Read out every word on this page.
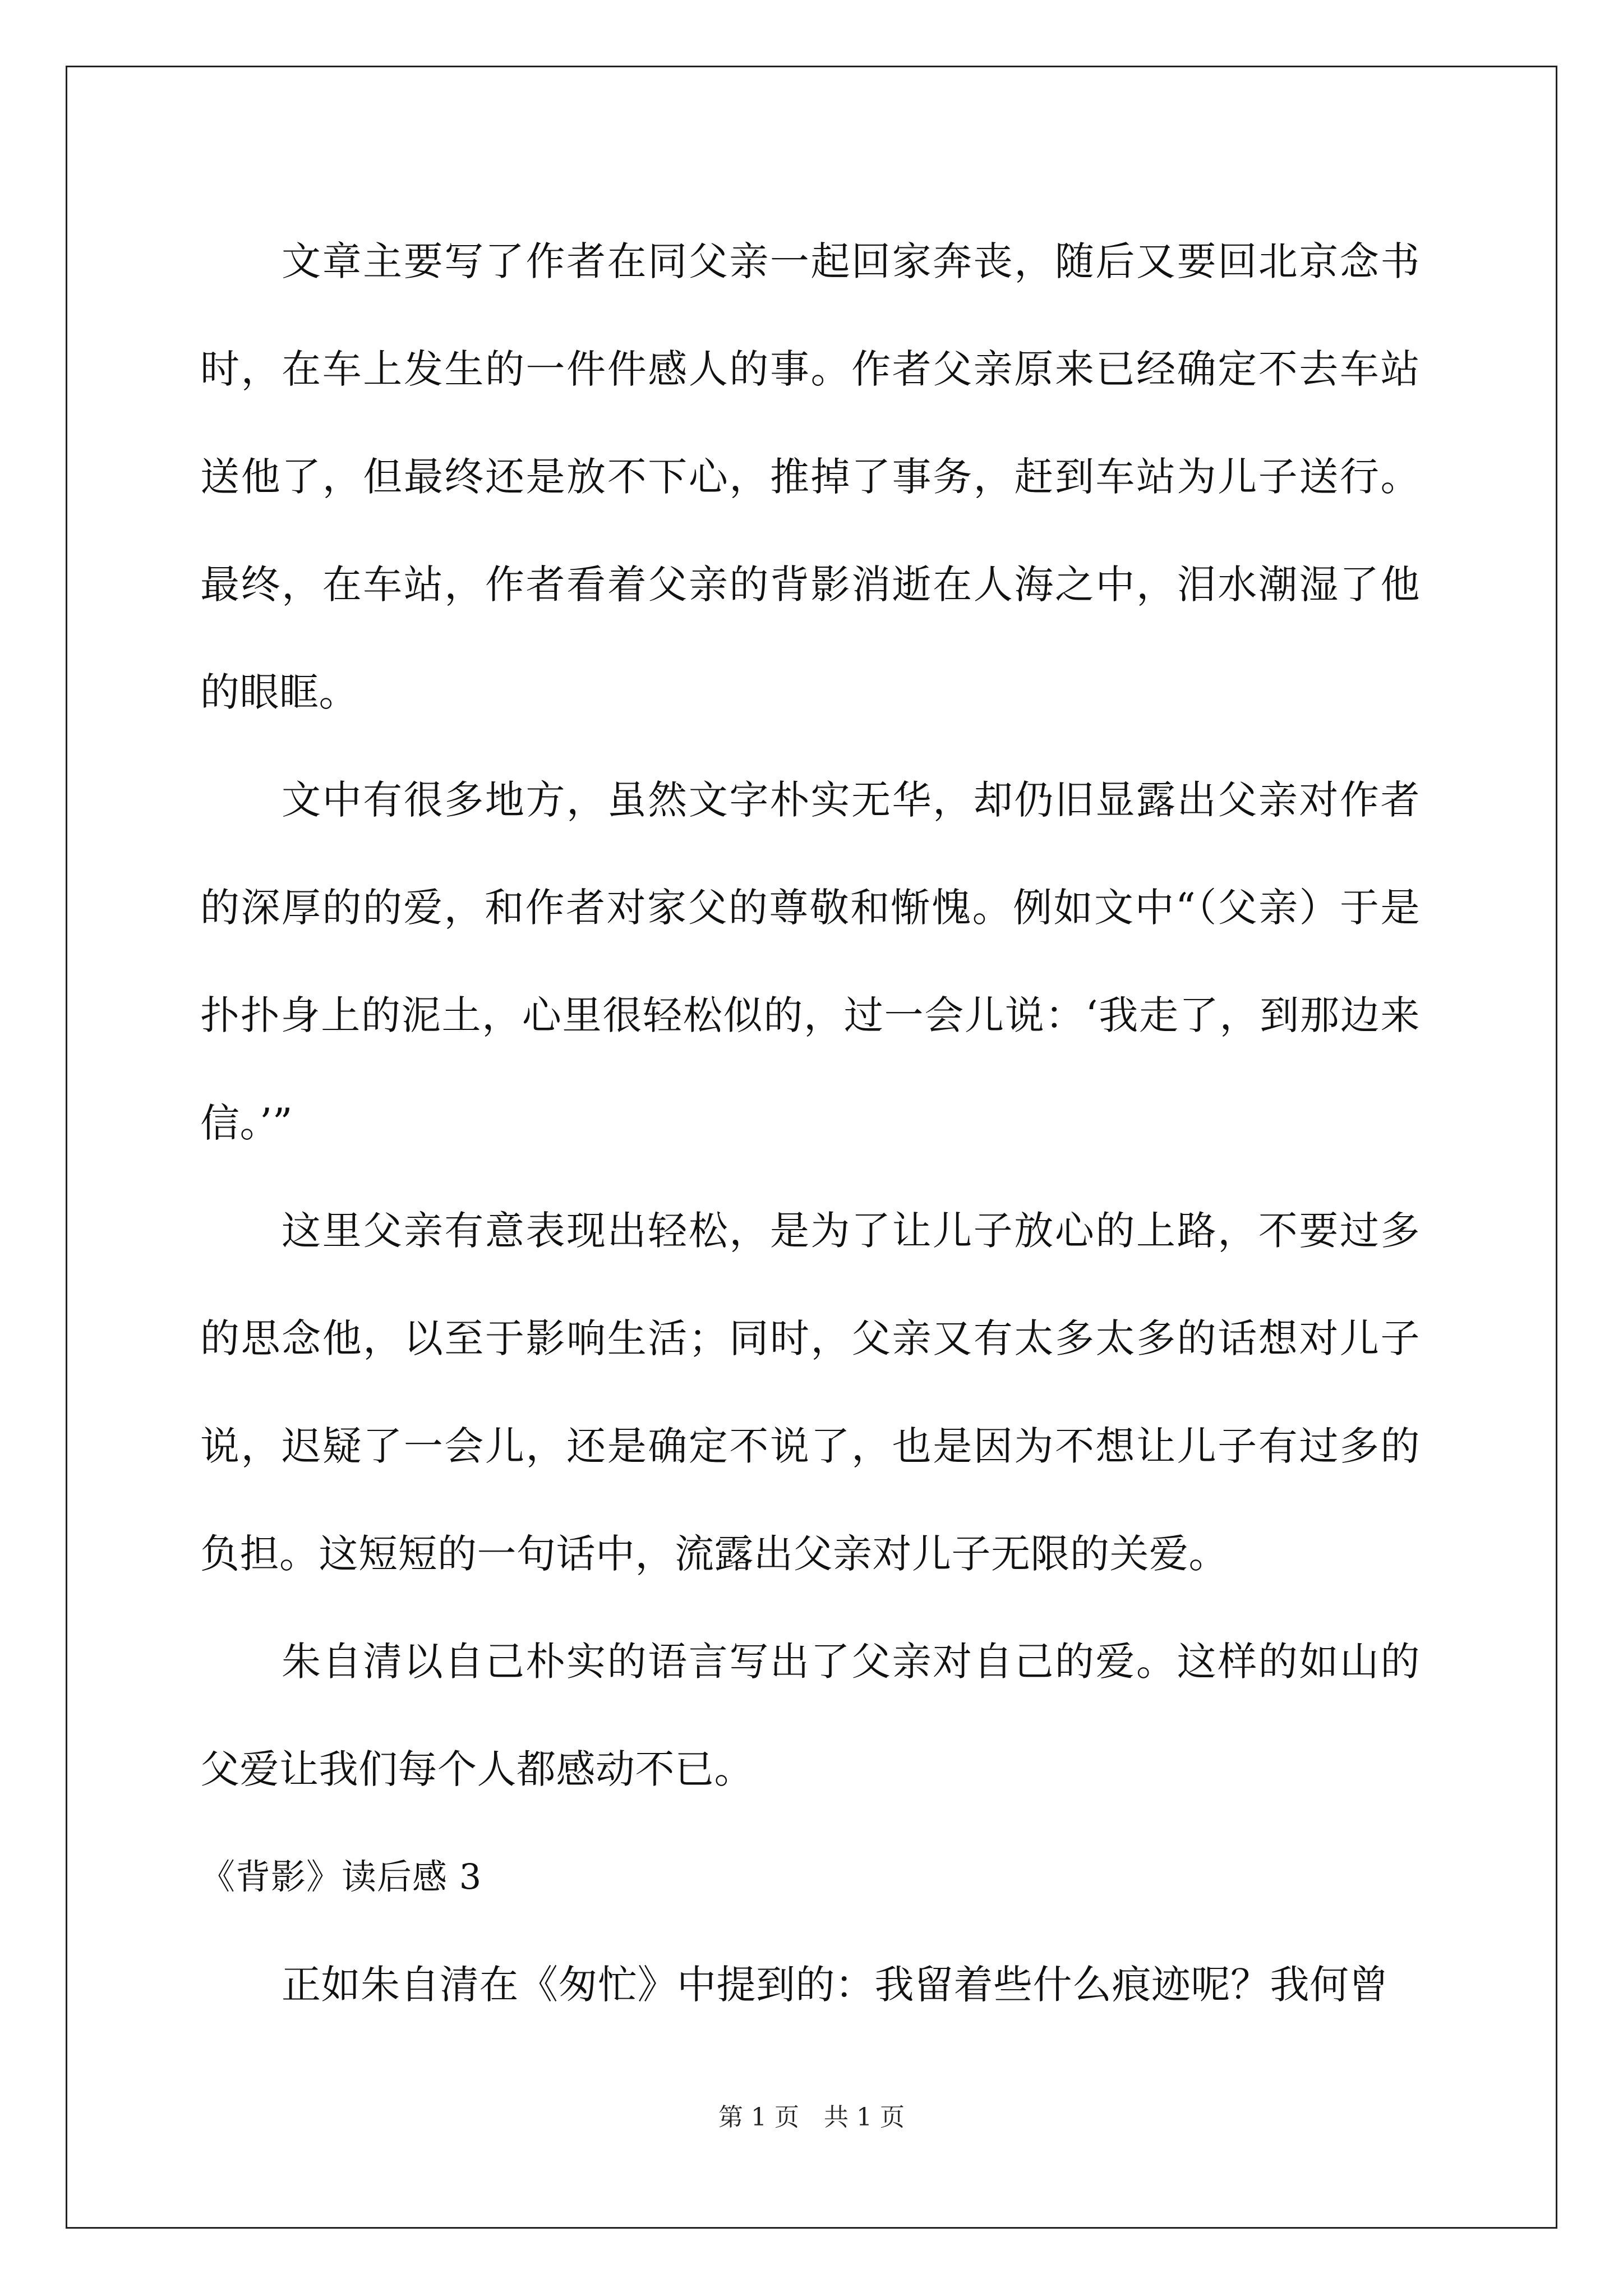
文章主要写了作者在同父亲一起回家奔丧，随后又要回北京念书时，在车上发生的一件件感人的事。作者父亲原来已经确定不去车站送他了，但最终还是放不下心，推掉了事务，赶到车站为儿子送行。最终，在车站，作者看着父亲的背影消逝在人海之中，泪水潮湿了他的眼眶。

文中有很多地方，虽然文字朴实无华，却仍旧显露出父亲对作者的深厚的的爱，和作者对家父的尊敬和惭愧。例如文中“（父亲）于是扑扑身上的泥土，心里很轻松似的，过一会儿说：‘我走了，到那边来信。’”

这里父亲有意表现出轻松，是为了让儿子放心的上路，不要过多的思念他，以至于影响生活；同时，父亲又有太多太多的话想对儿子说，迟疑了一会儿，还是确定不说了，也是因为不想让儿子有过多的负担。这短短的一句话中，流露出父亲对儿子无限的关爱。

朱自清以自己朴实的语言写出了父亲对自己的爱。这样的如山的父爱让我们每个人都感动不已。

《背影》读后感 3

正如朱自清在《匆忙》中提到的：我留着些什么痕迹呢？我何曾

第 1 页　共 1 页
